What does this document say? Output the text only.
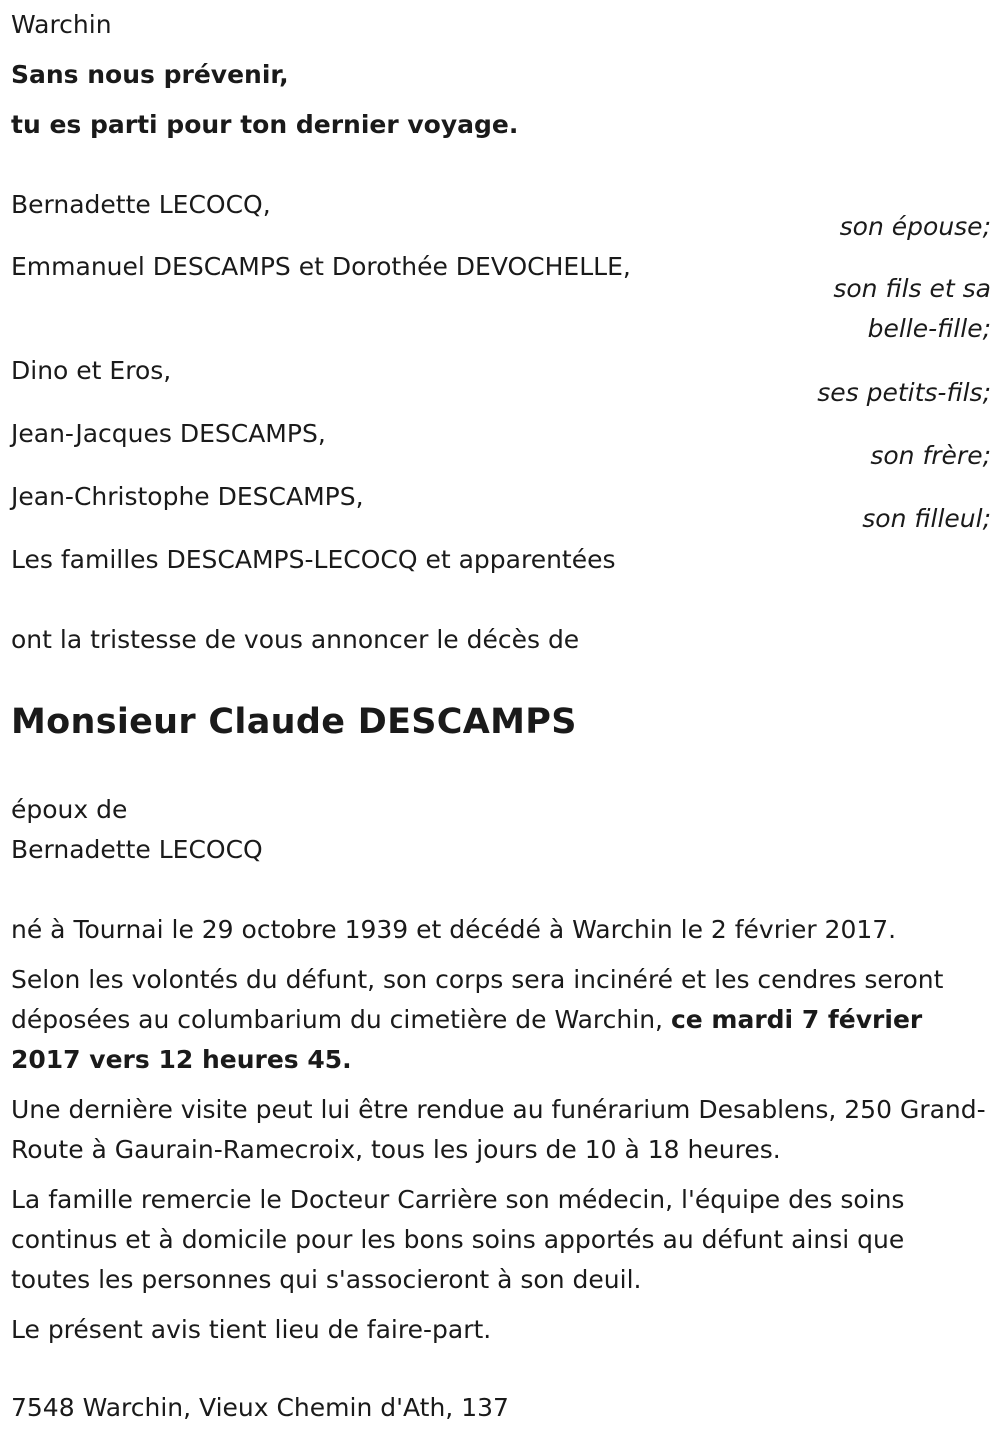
Warchin
Sans nous prévenir,
tu es parti pour ton dernier voyage.
Bernadette LECOCQ,
son épouse;
Emmanuel DESCAMPS et Dorothée DEVOCHELLE,
son fils et sa belle-fille;
Dino et Eros,
ses petits-fils;
Jean-Jacques DESCAMPS,
son frère;
Jean-Christophe DESCAMPS,
son filleul;
Les familles DESCAMPS-LECOCQ et apparentées

ont la tristesse de vous annoncer le décès de

Monsieur Claude DESCAMPS
époux de
Bernadette LECOCQ

né à Tournai le 29 octobre 1939 et décédé à Warchin le 2 février 2017.

Selon les volontés du défunt, son corps sera incinéré et les cendres seront déposées au columbarium du cimetière de Warchin, ce mardi 7 février 2017 vers 12 heures 45.

Une dernière visite peut lui être rendue au funérarium Desablens, 250 Grand-Route à Gaurain-Ramecroix, tous les jours de 10 à 18 heures.

La famille remercie le Docteur Carrière son médecin, l'équipe des soins continus et à domicile pour les bons soins apportés au défunt ainsi que toutes les personnes qui s'associeront à son deuil.

Le présent avis tient lieu de faire-part.

7548 Warchin, Vieux Chemin d'Ath, 137
